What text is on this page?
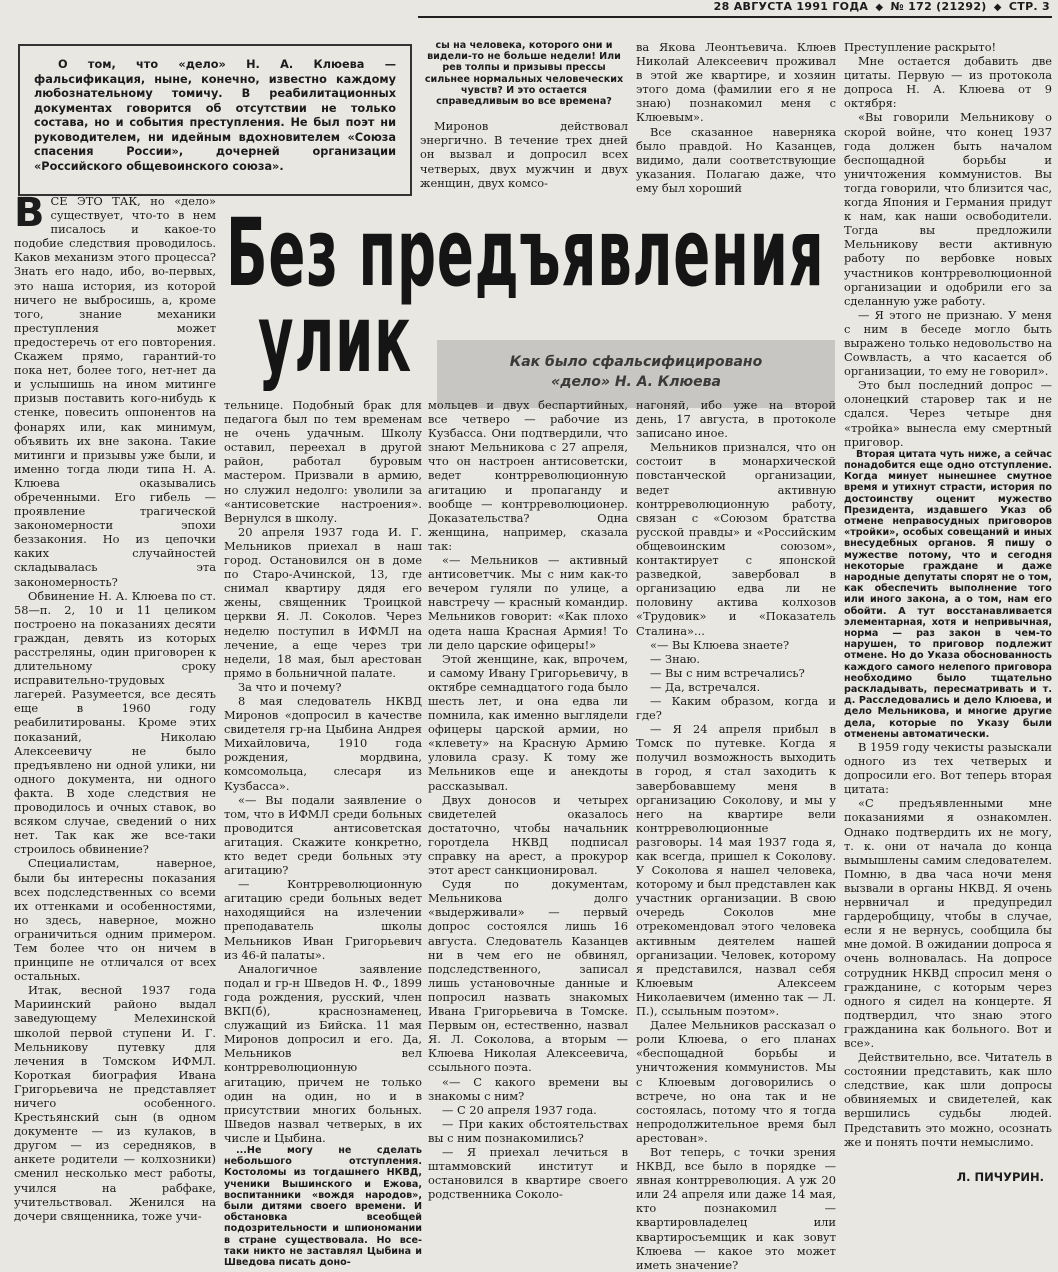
28 АВГУСТА 1991 ГОДА ◆ № 172 (21292) ◆ СТР. 3
О том, что «дело» Н. А. Клюева — фальсификация, ныне, конечно, известно каждому любознательному томичу. В реабилитационных документах говорится об отсутствии не только состава, но и события преступления. Не был поэт ни руководителем, ни идейным вдохновителем «Союза спасения России», дочерней организации «Российского общевоинского союза».
сы на человека, которого они и видели-то не больше недели! Или рев толпы и призывы прессы сильнее нормальных человеческих чувств? И это остается справедливым во все времена?

Миронов действовал энергично. В течение трех дней он вызвал и допросил всех четверых, двух мужчин и двух женщин, двух комсо-

ва Якова Леонтьевича. Клюев Николай Алексеевич проживал в этой же квартире, и хозяин этого дома (фамилии его я не знаю) познакомил меня с Клюевым».

Все сказанное наверняка было правдой. Но Казанцев, видимо, дали соответствующие указания. Полагаю даже, что ему был хороший

Без предъявления
улик	Как было сфальсифицировано
«дело» Н. А. Клюева

ВСЕ ЭТО ТАК, но «дело» существует, что-то в нем писалось и какое-то подобие следствия проводилось. Каков механизм этого процесса? Знать его надо, ибо, во-первых, это наша история, из которой ничего не выбросишь, а, кроме того, знание механики преступления может предостеречь от его повторения. Скажем прямо, гарантий-то пока нет, более того, нет-нет да и услышишь на ином митинге призыв поставить кого-нибудь к стенке, повесить оппонентов на фонарях или, как минимум, объявить их вне закона. Такие митинги и призывы уже были, и именно тогда люди типа Н. А. Клюева оказывались обреченными. Его гибель — проявление трагической закономерности эпохи беззакония. Но из цепочки каких случайностей складывалась эта закономерность?

Обвинение Н. А. Клюева по ст. 58—п. 2, 10 и 11 целиком построено на показаниях десяти граждан, девять из которых расстреляны, один приговорен к длительному сроку исправительно-трудовых лагерей. Разумеется, все десять еще в 1960 году реабилитированы. Кроме этих показаний, Николаю Алексеевичу не было предъявлено ни одной улики, ни одного документа, ни одного факта. В ходе следствия не проводилось и очных ставок, во всяком случае, сведений о них нет. Так как же все-таки строилось обвинение?

Специалистам, наверное, были бы интересны показания всех подследственных со всеми их оттенками и особенностями, но здесь, наверное, можно ограничиться одним примером. Тем более что он ничем в принципе не отличался от всех остальных.

Итак, весной 1937 года Мариинский районо выдал заведующему Мелехинской школой первой ступени И. Г. Мельникову путевку для лечения в Томском ИФМЛ. Короткая биография Ивана Григорьевича не представляет ничего особенного. Крестьянский сын (в одном документе — из кулаков, в другом — из середняков, в анкете родители — колхозники) сменил несколько мест работы, учился на рабфаке, учительствовал. Женился на дочери священника, тоже учи-

тельнице. Подобный брак для педагога был по тем временам не очень удачным. Школу оставил, переехал в другой район, работал буровым мастером. Призвали в армию, но служил недолго: уволили за «антисоветские настроения». Вернулся в школу.

20 апреля 1937 года И. Г. Мельников приехал в наш город. Остановился он в доме по Старо-Ачинской, 13, где снимал квартиру дядя его жены, священник Троицкой церкви Я. Л. Соколов. Через неделю поступил в ИФМЛ на лечение, а еще через три недели, 18 мая, был арестован прямо в больничной палате.

За что и почему?

8 мая следователь НКВД Миронов «допросил в качестве свидетеля гр-на Цыбина Андрея Михайловича, 1910 года рождения, мордвина, комсомольца, слесаря из Кузбасса».

«— Вы подали заявление о том, что в ИФМЛ среди больных проводится антисоветская агитация. Скажите конкретно, кто ведет среди больных эту агитацию?

— Контрреволюционную агитацию среди больных ведет находящийся на излечении преподаватель школы Мельников Иван Григорьевич из 46-й палаты».

Аналогичное заявление подал и гр-н Шведов Н. Ф., 1899 года рождения, русский, член ВКП(б), краснознаменец, служащий из Бийска. 11 мая Миронов допросил и его. Да, Мельников вел контрреволюционную агитацию, причем не только один на один, но и в присутствии многих больных. Шведов назвал четверых, в их числе и Цыбина.

...Не могу не сделать небольшого отступления. Костоломы из тогдашнего НКВД, ученики Вышинского и Ежова, воспитанники «вождя народов», были дитями своего времени. И обстановка всеобщей подозрительности и шпиономании в стране существовала. Но все-таки никто не заставлял Цыбина и Шведова писать доно-

мольцев и двух беспартийных, все четверо — рабочие из Кузбасса. Они подтвердили, что знают Мельникова с 27 апреля, что он настроен антисоветски, ведет контрреволюционную агитацию и пропаганду и вообще — контрреволюционер. Доказательства? Одна женщина, например, сказала так:

«— Мельников — активный антисоветчик. Мы с ним как-то вечером гуляли по улице, а навстречу — красный командир. Мельников говорит: «Как плохо одета наша Красная Армия! То ли дело царские офицеры!»

Этой женщине, как, впрочем, и самому Ивану Григорьевичу, в октябре семнадцатого года было шесть лет, и она едва ли помнила, как именно выглядели офицеры царской армии, но «клевету» на Красную Армию уловила сразу. К тому же Мельников еще и анекдоты рассказывал.

Двух доносов и четырех свидетелей оказалось достаточно, чтобы начальник горотдела НКВД подписал справку на арест, а прокурор этот арест санкционировал.

Судя по документам, Мельникова долго «выдерживали» — первый допрос состоялся лишь 16 августа. Следователь Казанцев ни в чем его не обвинял, подследственного, записал лишь установочные данные и попросил назвать знакомых Ивана Григорьевича в Томске. Первым он, естественно, назвал Я. Л. Соколова, а вторым — Клюева Николая Алексеевича, ссыльного поэта.

«— С какого времени вы знакомы с ним?

— С 20 апреля 1937 года.

— При каких обстоятельствах вы с ним познакомились?

— Я приехал лечиться в штаммовский институт и остановился в квартире своего родственника Соколо-

нагоняй, ибо уже на второй день, 17 августа, в протоколе записано иное.

Мельников признался, что он состоит в монархической повстанческой организации, ведет активную контрреволюционную работу, связан с «Союзом братства русской правды» и «Российским общевоинским союзом», контактирует с японской разведкой, завербовал в организацию едва ли не половину актива колхозов «Трудовик» и «Показатель Сталина»...

«— Вы Клюева знаете?

— Знаю.

— Вы с ним встречались?

— Да, встречался.

— Каким образом, когда и где?

— Я 24 апреля прибыл в Томск по путевке. Когда я получил возможность выходить в город, я стал заходить к завербовавшему меня в организацию Соколову, и мы у него на квартире вели контрреволюционные разговоры. 14 мая 1937 года я, как всегда, пришел к Соколову. У Соколова я нашел человека, которому и был представлен как участник организации. В свою очередь Соколов мне отрекомендовал этого человека активным деятелем нашей организации. Человек, которому я представился, назвал себя Клюевым Алексеем Николаевичем (именно так — Л. П.), ссыльным поэтом».

Далее Мельников рассказал о роли Клюева, о его планах «беспощадной борьбы и уничтожения коммунистов. Мы с Клюевым договорились о встрече, но она так и не состоялась, потому что я тогда непродолжительное время был арестован».

Вот теперь, с точки зрения НКВД, все было в порядке — явная контрреволюция. А уж 20 или 24 апреля или даже 14 мая, кто познакомил — квартировладелец или квартиросъемщик и как зовут Клюева — какое это может иметь значение?

Преступление раскрыто!

Мне остается добавить две цитаты. Первую — из протокола допроса Н. А. Клюева от 9 октября:

«Вы говорили Мельникову о скорой войне, что конец 1937 года должен быть началом беспощадной борьбы и уничтожения коммунистов. Вы тогда говорили, что близится час, когда Япония и Германия придут к нам, как наши освободители. Тогда вы предложили Мельникову вести активную работу по вербовке новых участников контрреволюционной организации и одобрили его за сделанную уже работу.

— Я этого не признаю. У меня с ним в беседе могло быть выражено только недовольство на Сowвласть, а что касается об организации, то ему не говорил».

Это был последний допрос — олонецкий старовер так и не сдался. Через четыре дня «тройка» вынесла ему смертный приговор.

Вторая цитата чуть ниже, а сейчас понадобится еще одно отступление. Когда минует нынешнее смутное время и утихнут страсти, история по достоинству оценит мужество Президента, издавшего Указ об отмене неправосудных приговоров «тройки», особых совещаний и иных внесудебных органов. Я пишу о мужестве потому, что и сегодня некоторые граждане и даже народные депутаты спорят не о том, как обеспечить выполнение того или иного закона, а о том, нам его обойти. А тут восстанавливается элементарная, хотя и непривычная, норма — раз закон в чем-то нарушен, то приговор подлежит отмене. Но до Указа обоснованность каждого самого нелепого приговора необходимо было тщательно раскладывать, пересматривать и т. д. Расследовались и дело Клюева, и дело Мельникова, и многие другие дела, которые по Указу были отменены автоматически.

В 1959 году чекисты разыскали одного из тех четверых и допросили его. Вот теперь вторая цитата:

«С предъявленными мне показаниями я ознакомлен. Однако подтвердить их не могу, т. к. они от начала до конца вымышлены самим следователем. Помню, в два часа ночи меня вызвали в органы НКВД. Я очень нервничал и предупредил гардеробщицу, чтобы в случае, если я не вернусь, сообщила бы мне домой. В ожидании допроса я очень волновалась. На допросе сотрудник НКВД спросил меня о гражданине, с которым через одного я сидел на концерте. Я подтвердил, что знаю этого гражданина как больного. Вот и все».

Действительно, все. Читатель в состоянии представить, как шло следствие, как шли допросы обвиняемых и свидетелей, как вершились судьбы людей. Представить это можно, осознать же и понять почти немыслимо.

Л. ПИЧУРИН.
